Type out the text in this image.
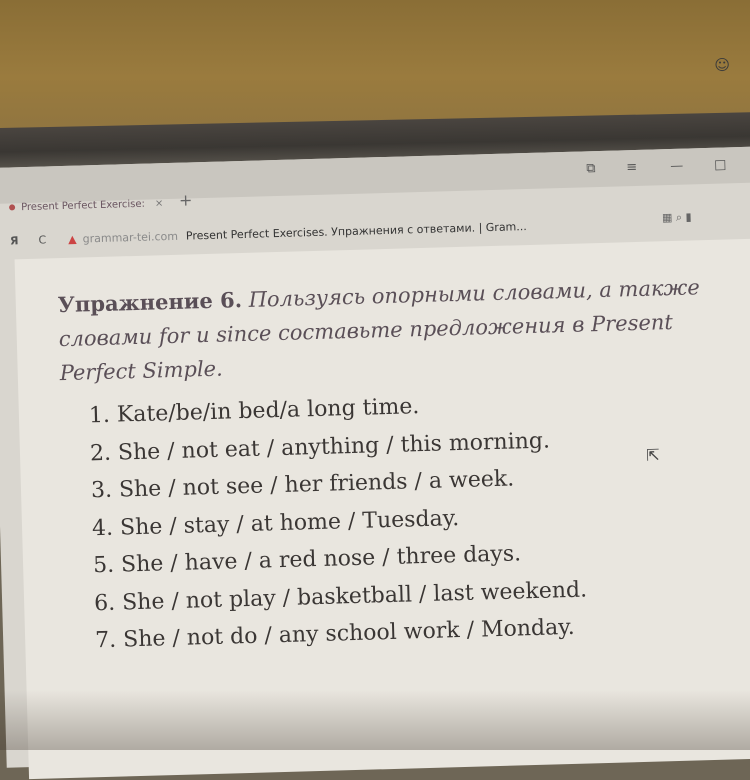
⧉ ≡	— □
Present Perfect Exercise: × +
Я C ▲ grammar-tei.com Present Perfect Exercises. Упражнения с ответами. | Gram...
▦ ⌕ ▮
Упражнение 6. Пользуясь опорными словами, а также словами for и since составьте предложения в Present Perfect Simple.
1. Kate/be/in bed/a long time.
2. She / not eat / anything / this morning.
3. She / not see / her friends / a week.
4. She / stay / at home / Tuesday.
5. She / have / a red nose / three days.
6. She / not play / basketball / last weekend.
7. She / not do / any school work / Monday.
⇱
☺
